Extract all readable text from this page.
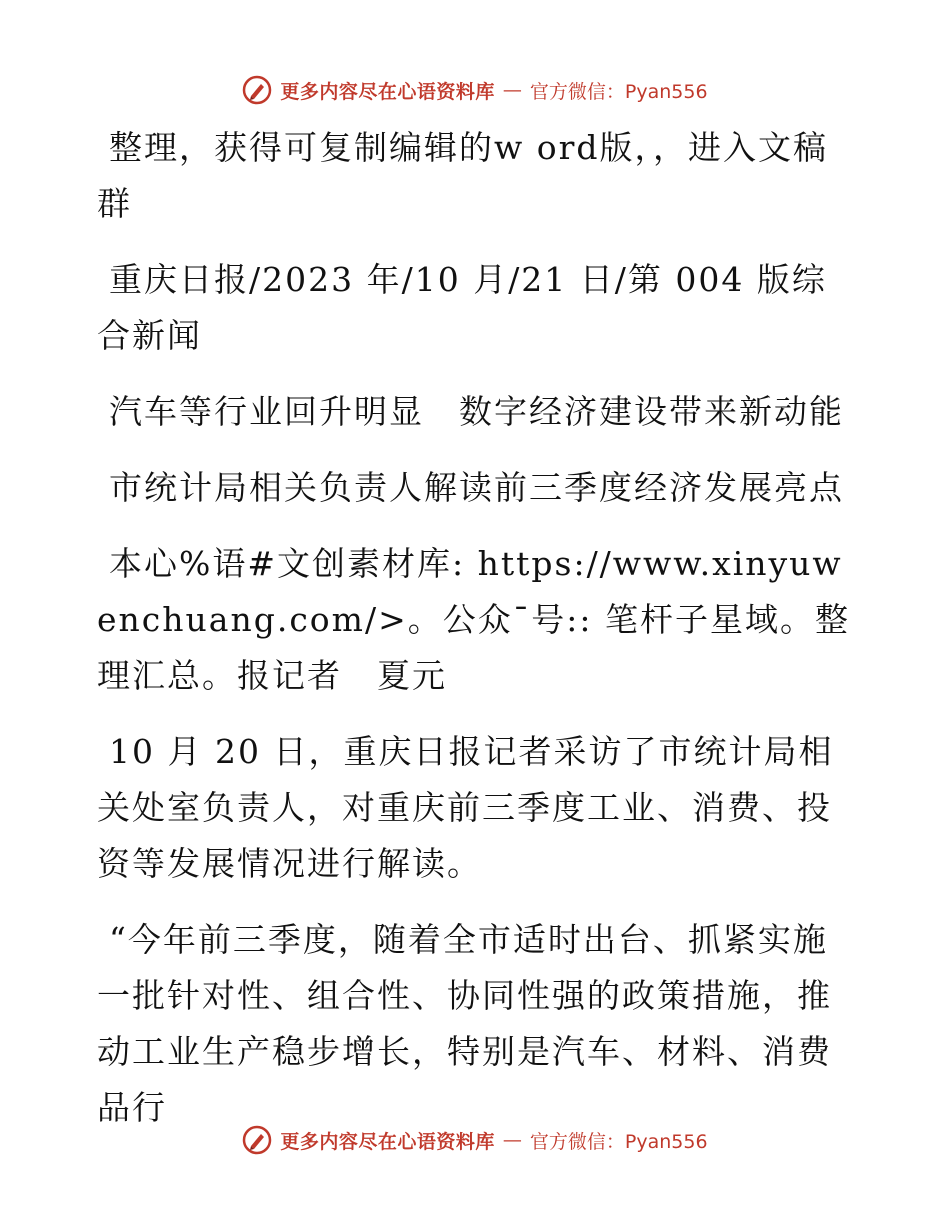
更多内容尽在心语资料库 — 官方微信：Pyan556

整理，获得可复制编辑的w ord版，，进入文稿群

重庆日报/2023 年/10 月/21 日/第 004 版综合新闻

汽车等行业回升明显　数字经济建设带来新动能

市统计局相关负责人解读前三季度经济发展亮点

本心%语#文创素材库: https://www.xinyuwenchuang.com/>。公众¯号:: 笔杆子星域。整理汇总。报记者　夏元

10 月 20 日，重庆日报记者采访了市统计局相关处室负责人，对重庆前三季度工业、消费、投资等发展情况进行解读。

“今年前三季度，随着全市适时出台、抓紧实施一批针对性、组合性、协同性强的政策措施，推动工业生产稳步增长，特别是汽车、材料、消费品行

更多内容尽在心语资料库 — 官方微信：Pyan556
